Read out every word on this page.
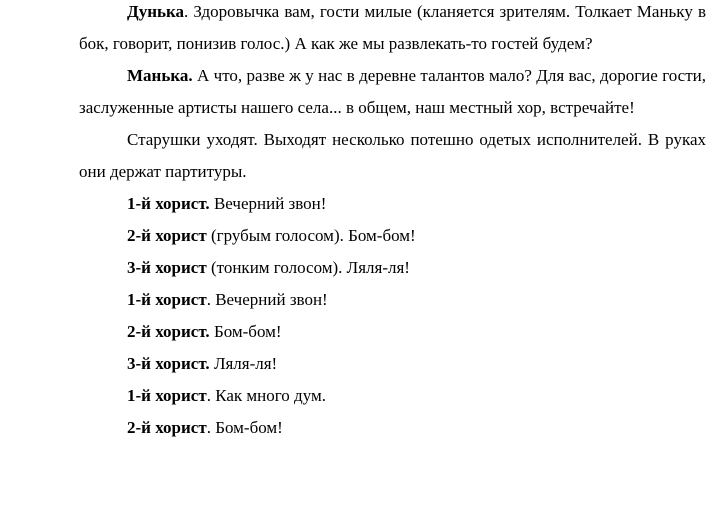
Дунька. Здоровычка вам, гости милые (кланяется зрителям. Толкает Маньку в бок, говорит, понизив голос.) А как же мы развлекать-то гостей будем?

Манька. А что, разве ж у нас в деревне талантов мало? Для вас, дорогие гости, заслуженные артисты нашего села... в общем, наш местный хор, встречайте!

Старушки уходят. Выходят несколько потешно одетых исполнителей. В руках они держат партитуры.

1-й хорист. Вечерний звон!

2-й хорист (грубым голосом). Бом-бом!

3-й хорист (тонким голосом). Ляля-ля!

1-й хорист. Вечерний звон!

2-й хорист. Бом-бом!

3-й хорист. Ляля-ля!

1-й хорист. Как много дум.

2-й хорист. Бом-бом!
